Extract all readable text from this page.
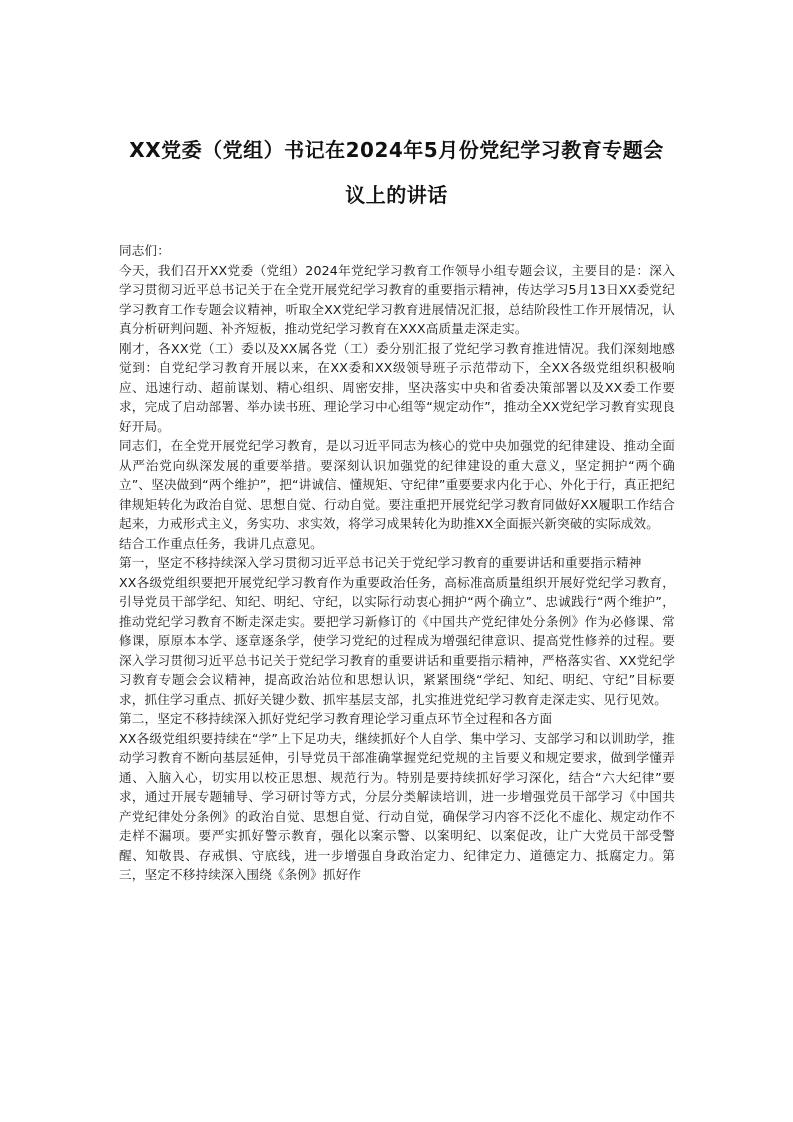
XX党委（党组）书记在2024年5月份党纪学习教育专题会
议上的讲话

同志们：

今天，我们召开XX党委（党组）2024年党纪学习教育工作领导小组专题会议，主要目的是：深入学习贯彻习近平总书记关于在全党开展党纪学习教育的重要指示精神，传达学习5月13日XX委党纪学习教育工作专题会议精神，听取全XX党纪学习教育进展情况汇报，总结阶段性工作开展情况，认真分析研判问题、补齐短板，推动党纪学习教育在XXX高质量走深走实。

刚才，各XX党（工）委以及XX属各党（工）委分别汇报了党纪学习教育推进情况。我们深刻地感觉到：自党纪学习教育开展以来，在XX委和XX级领导班子示范带动下，全XX各级党组织积极响应、迅速行动、超前谋划、精心组织、周密安排，坚决落实中央和省委决策部署以及XX委工作要求，完成了启动部署、举办读书班、理论学习中心组等“规定动作”，推动全XX党纪学习教育实现良好开局。

同志们，在全党开展党纪学习教育，是以习近平同志为核心的党中央加强党的纪律建设、推动全面从严治党向纵深发展的重要举措。要深刻认识加强党的纪律建设的重大意义，坚定拥护“两个确立”、坚决做到“两个维护”，把“讲诚信、懂规矩、守纪律”重要要求内化于心、外化于行，真正把纪律规矩转化为政治自觉、思想自觉、行动自觉。要注重把开展党纪学习教育同做好XX履职工作结合起来，力戒形式主义，务实功、求实效，将学习成果转化为助推XX全面振兴新突破的实际成效。

结合工作重点任务，我讲几点意见。

第一，坚定不移持续深入学习贯彻习近平总书记关于党纪学习教育的重要讲话和重要指示精神

XX各级党组织要把开展党纪学习教育作为重要政治任务，高标准高质量组织开展好党纪学习教育，引导党员干部学纪、知纪、明纪、守纪，以实际行动衷心拥护“两个确立”、忠诚践行“两个维护”，推动党纪学习教育不断走深走实。要把学习新修订的《中国共产党纪律处分条例》作为必修课、常修课，原原本本学、逐章逐条学，使学习党纪的过程成为增强纪律意识、提高党性修养的过程。要深入学习贯彻习近平总书记关于党纪学习教育的重要讲话和重要指示精神，严格落实省、XX党纪学习教育专题会会议精神，提高政治站位和思想认识，紧紧围绕“学纪、知纪、明纪、守纪”目标要求，抓住学习重点、抓好关键少数、抓牢基层支部，扎实推进党纪学习教育走深走实、见行见效。

第二，坚定不移持续深入抓好党纪学习教育理论学习重点环节全过程和各方面

XX各级党组织要持续在“学”上下足功夫，继续抓好个人自学、集中学习、支部学习和以训助学，推动学习教育不断向基层延伸，引导党员干部准确掌握党纪党规的主旨要义和规定要求，做到学懂弄通、入脑入心，切实用以校正思想、规范行为。特别是要持续抓好学习深化，结合“六大纪律”要求，通过开展专题辅导、学习研讨等方式，分层分类解读培训，进一步增强党员干部学习《中国共产党纪律处分条例》的政治自觉、思想自觉、行动自觉，确保学习内容不泛化不虚化、规定动作不走样不漏项。要严实抓好警示教育，强化以案示警、以案明纪、以案促改，让广大党员干部受警醒、知敬畏、存戒惧、守底线，进一步增强自身政治定力、纪律定力、道德定力、抵腐定力。第三，坚定不移持续深入围绕《条例》抓好作
